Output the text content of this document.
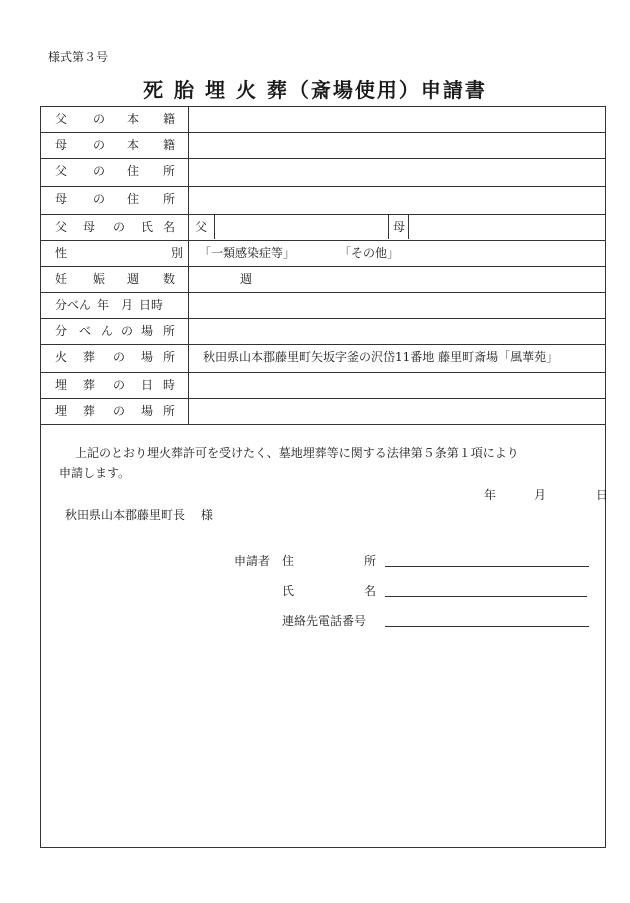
様式第３号
死 胎 埋 火 葬（斎場使用）申請書
父 の 本 籍
母 の 本 籍
父 の 住 所
母 の 住 所
父 母 の 氏 名	父	母
性	別 「一類感染症等」	「その他」
妊 娠 週 数	週
分べん 年 月 日時
分 べ ん の 場 所
火 葬 の 場 所 秋田県山本郡藤里町矢坂字釜の沢岱11番地 藤里町斎場「風華苑」
埋 葬 の 日 時
埋 葬 の 場 所
上記のとおり埋火葬許可を受けたく、墓地埋葬等に関する法律第５条第１項により
申請します。
年	月	日
秋田県山本郡藤里町長　 様
申請者 住	所
氏	名
連絡先電話番号
